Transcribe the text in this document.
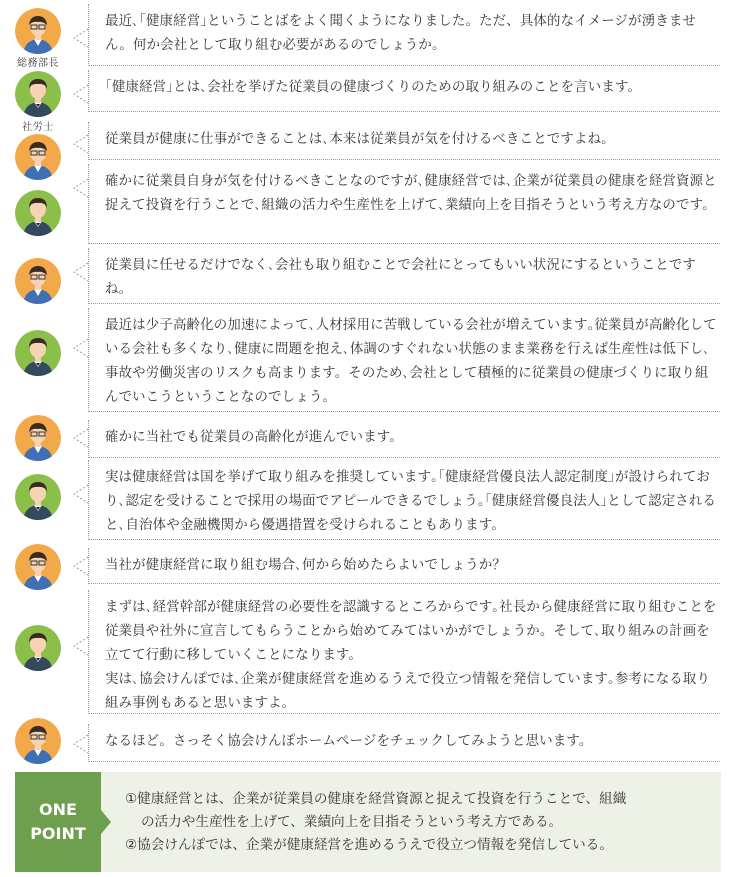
総務部長
社労士
最近､｢健康経営｣ということばをよく聞くようになりました。ただ、具体的なイメージが湧きません。何か会社として取り組む必要があるのでしょうか。
｢健康経営｣とは､会社を挙げた従業員の健康づくりのための取り組みのことを言います。
従業員が健康に仕事ができることは､本来は従業員が気を付けるべきことですよね。
確かに従業員自身が気を付けるべきことなのですが､健康経営では､企業が従業員の健康を経営資源と捉えて投資を行うことで､組織の活力や生産性を上げて､業績向上を目指そうという考え方なのです。
従業員に任せるだけでなく､会社も取り組むことで会社にとってもいい状況にするということですね。
最近は少子高齢化の加速によって､人材採用に苦戦している会社が増えています｡従業員が高齢化している会社も多くなり､健康に問題を抱え､体調のすぐれない状態のまま業務を行えば生産性は低下し､事故や労働災害のリスクも高まります。そのため､会社として積極的に従業員の健康づくりに取り組んでいこうということなのでしょう。
確かに当社でも従業員の高齢化が進んでいます。
実は健康経営は国を挙げて取り組みを推奨しています｡｢健康経営優良法人認定制度｣が設けられており､認定を受けることで採用の場面でアピールできるでしょう｡｢健康経営優良法人｣として認定されると､自治体や金融機関から優遇措置を受けられることもあります。
当社が健康経営に取り組む場合､何から始めたらよいでしょうか？
まずは､経営幹部が健康経営の必要性を認識するところからです｡社長から健康経営に取り組むことを従業員や社外に宣言してもらうことから始めてみてはいかがでしょうか。そして､取り組みの計画を立てて行動に移していくことになります。
実は､協会けんぽでは､企業が健康経営を進めるうえで役立つ情報を発信しています｡参考になる取り組み事例もあると思いますよ。
なるほど。さっそく協会けんぽホームページをチェックしてみようと思います。
ONE
POINT
①健康経営とは、企業が従業員の健康を経営資源と捉えて投資を行うことで、組織
の活力や生産性を上げて、業績向上を目指そうという考え方である。
②協会けんぽでは、企業が健康経営を進めるうえで役立つ情報を発信している。
